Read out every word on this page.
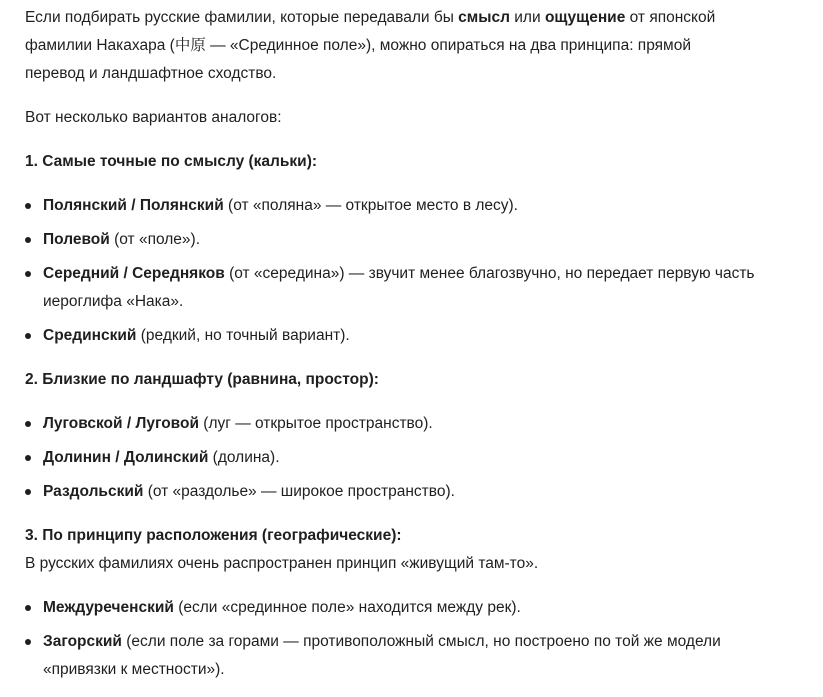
Если подбирать русские фамилии, которые передавали бы смысл или ощущение от японской
фамилии Накахара (中原 — «Срединное поле»), можно опираться на два принципа: прямой
перевод и ландшафтное сходство.

Вот несколько вариантов аналогов:

1. Самые точные по смыслу (кальки):

Полянский / Полянский (от «поляна» — открытое место в лесу).

Полевой (от «поле»).

Середний / Середняков (от «середина») — звучит менее благозвучно, но передает первую часть
иероглифа «Нака».

Срединский (редкий, но точный вариант).

2. Близкие по ландшафту (равнина, простор):

Луговской / Луговой (луг — открытое пространство).

Долинин / Долинский (долина).

Раздольский (от «раздолье» — широкое пространство).

3. По принципу расположения (географические):

В русских фамилиях очень распространен принцип «живущий там-то».

Междуреченский (если «срединное поле» находится между рек).

Загорский (если поле за горами — противоположный смысл, но построено по той же модели
«привязки к местности»).
